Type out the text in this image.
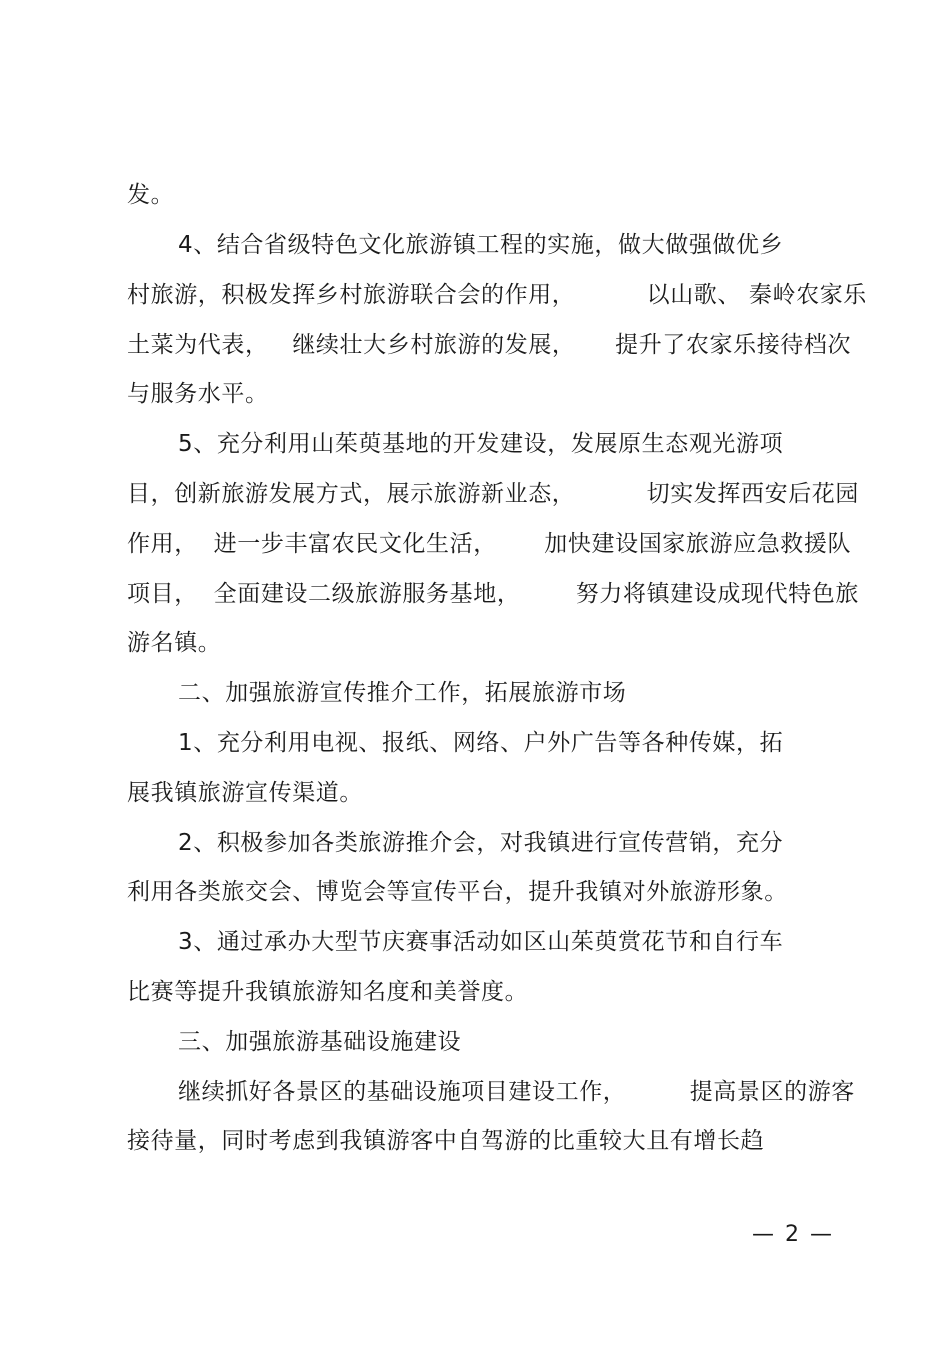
发。
4、结合省级特色文化旅游镇工程的实施，做大做强做优乡
村旅游，积极发挥乡村旅游联合会的作用，         以山歌、 秦岭农家乐
土菜为代表，   继续壮大乡村旅游的发展，     提升了农家乐接待档次
与服务水平。
5、充分利用山茱萸基地的开发建设，发展原生态观光游项
目，创新旅游发展方式，展示旅游新业态，         切实发挥西安后花园
作用，  进一步丰富农民文化生活，      加快建设国家旅游应急救援队
项目，  全面建设二级旅游服务基地，       努力将镇建设成现代特色旅
游名镇。
二、加强旅游宣传推介工作，拓展旅游市场
1、充分利用电视、报纸、网络、户外广告等各种传媒，拓
展我镇旅游宣传渠道。
2、积极参加各类旅游推介会，对我镇进行宣传营销，充分
利用各类旅交会、博览会等宣传平台，提升我镇对外旅游形象。
3、通过承办大型节庆赛事活动如区山茱萸赏花节和自行车
比赛等提升我镇旅游知名度和美誉度。
三、加强旅游基础设施建设
继续抓好各景区的基础设施项目建设工作，        提高景区的游客
接待量，同时考虑到我镇游客中自驾游的比重较大且有增长趋
— 2 —
